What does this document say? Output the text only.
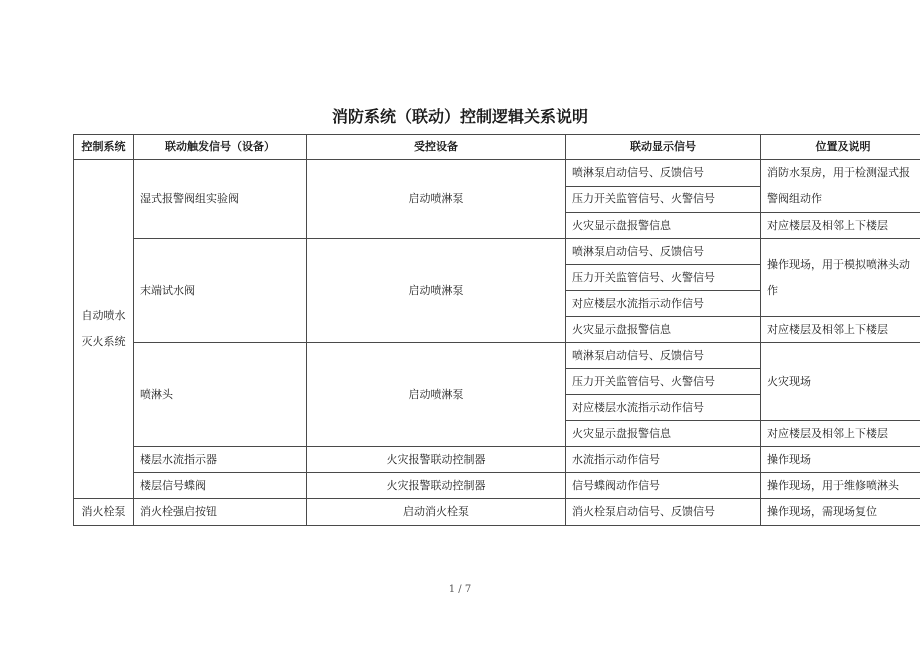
消防系统（联动）控制逻辑关系说明
控制系统	联动触发信号（设备）	受控设备	联动显示信号	位置及说明
自动喷水灭火系统	湿式报警阀组实验阀	启动喷淋泵	喷淋泵启动信号、反馈信号	消防水泵房，用于检测湿式报警阀组动作
			压力开关监管信号、火警信号	
			火灾显示盘报警信息	对应楼层及相邻上下楼层
	末端试水阀	启动喷淋泵	喷淋泵启动信号、反馈信号	操作现场，用于模拟喷淋头动作
			压力开关监管信号、火警信号	
			对应楼层水流指示动作信号	
			火灾显示盘报警信息	对应楼层及相邻上下楼层
	喷淋头	启动喷淋泵	喷淋泵启动信号、反馈信号	火灾现场
			压力开关监管信号、火警信号	
			对应楼层水流指示动作信号	
			火灾显示盘报警信息	对应楼层及相邻上下楼层
	楼层水流指示器	火灾报警联动控制器	水流指示动作信号	操作现场
	楼层信号蝶阀	火灾报警联动控制器	信号蝶阀动作信号	操作现场，用于维修喷淋头
消火栓泵	消火栓强启按钮	启动消火栓泵	消火栓泵启动信号、反馈信号	操作现场，需现场复位
1 / 7
